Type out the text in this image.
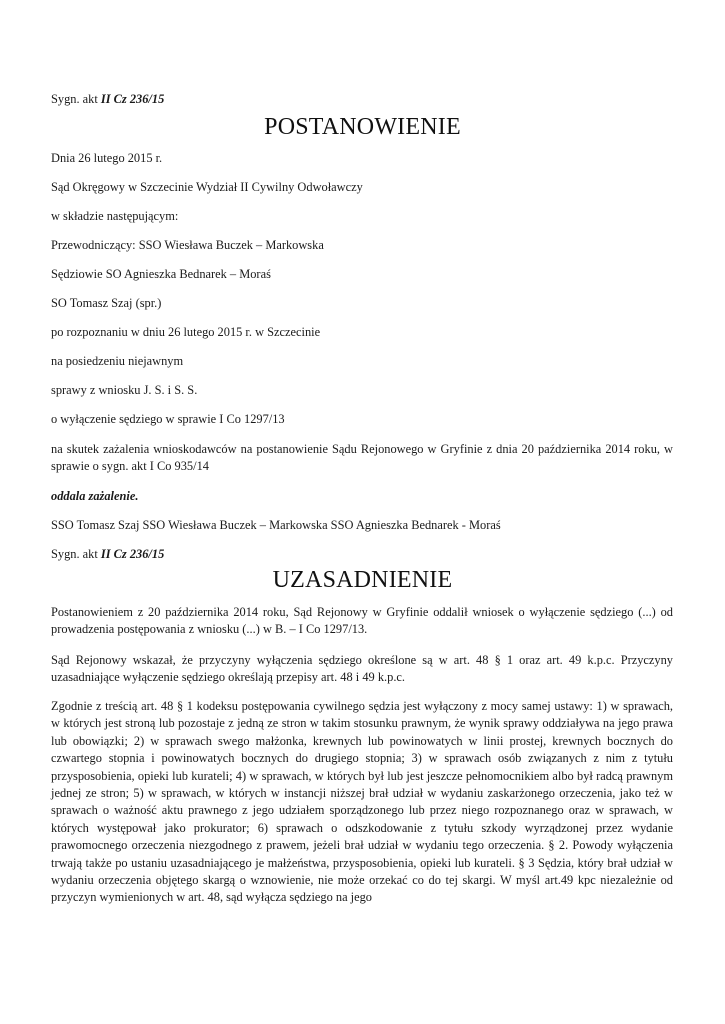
Sygn. akt II Cz 236/15
POSTANOWIENIE
Dnia 26 lutego 2015 r.
Sąd Okręgowy w Szczecinie Wydział II Cywilny Odwoławczy
w składzie następującym:
Przewodniczący: SSO Wiesława Buczek – Markowska
Sędziowie SO Agnieszka Bednarek – Moraś
SO Tomasz Szaj (spr.)
po rozpoznaniu w dniu 26 lutego 2015 r. w Szczecinie
na posiedzeniu niejawnym
sprawy z wniosku J. S. i S. S.
o wyłączenie sędziego w sprawie I Co 1297/13
na skutek zażalenia wnioskodawców na postanowienie Sądu Rejonowego w Gryfinie z dnia 20 października 2014 roku, w sprawie o sygn. akt I Co 935/14
oddala zażalenie.
SSO Tomasz Szaj SSO Wiesława Buczek – Markowska SSO Agnieszka Bednarek - Moraś
Sygn. akt II Cz 236/15
UZASADNIENIE
Postanowieniem z 20 października 2014 roku, Sąd Rejonowy w Gryfinie oddalił wniosek o wyłączenie sędziego (...) od prowadzenia postępowania z wniosku (...) w B. – I Co 1297/13.
Sąd Rejonowy wskazał, że przyczyny wyłączenia sędziego określone są w art. 48 § 1 oraz art. 49 k.p.c. Przyczyny uzasadniające wyłączenie sędziego określają przepisy art. 48 i 49 k.p.c.
Zgodnie z treścią art. 48 § 1 kodeksu postępowania cywilnego sędzia jest wyłączony z mocy samej ustawy: 1) w sprawach, w których jest stroną lub pozostaje z jedną ze stron w takim stosunku prawnym, że wynik sprawy oddziaływa na jego prawa lub obowiązki; 2) w sprawach swego małżonka, krewnych lub powinowatych w linii prostej, krewnych bocznych do czwartego stopnia i powinowatych bocznych do drugiego stopnia; 3) w sprawach osób związanych z nim z tytułu przysposobienia, opieki lub kurateli; 4) w sprawach, w których był lub jest jeszcze pełnomocnikiem albo był radcą prawnym jednej ze stron; 5) w sprawach, w których w instancji niższej brał udział w wydaniu zaskarżonego orzeczenia, jako też w sprawach o ważność aktu prawnego z jego udziałem sporządzonego lub przez niego rozpoznanego oraz w sprawach, w których występował jako prokurator; 6) sprawach o odszkodowanie z tytułu szkody wyrządzonej przez wydanie prawomocnego orzeczenia niezgodnego z prawem, jeżeli brał udział w wydaniu tego orzeczenia. § 2. Powody wyłączenia trwają także po ustaniu uzasadniającego je małżeństwa, przysposobienia, opieki lub kurateli. § 3 Sędzia, który brał udział w wydaniu orzeczenia objętego skargą o wznowienie, nie może orzekać co do tej skargi. W myśl art.49 kpc niezależnie od przyczyn wymienionych w art. 48, sąd wyłącza sędziego na jego
